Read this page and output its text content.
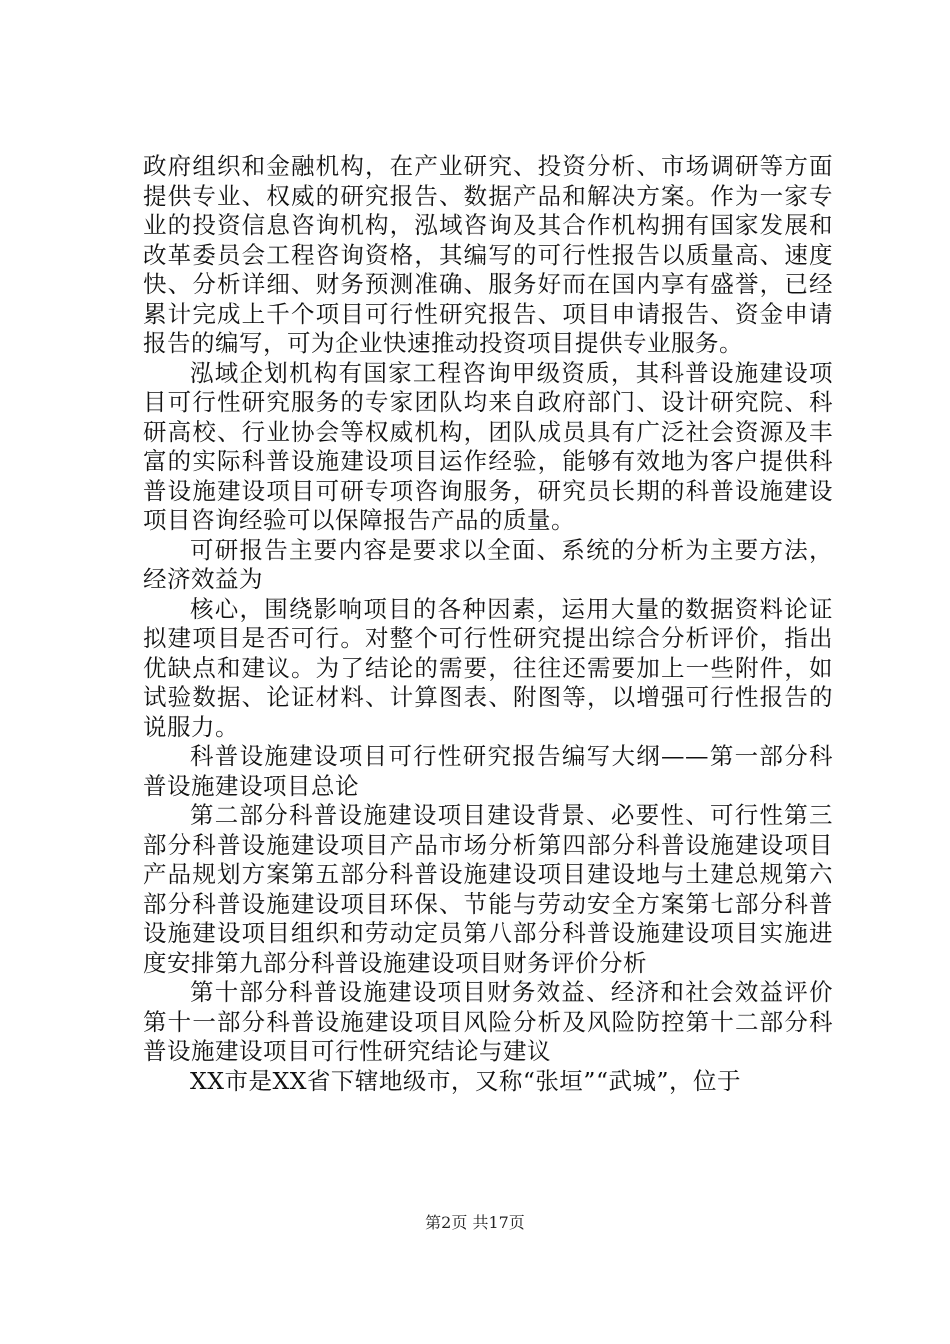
政府组织和金融机构，在产业研究、投资分析、市场调研等方面提供专业、权威的研究报告、数据产品和解决方案。作为一家专业的投资信息咨询机构，泓域咨询及其合作机构拥有国家发展和改革委员会工程咨询资格，其编写的可行性报告以质量高、速度快、分析详细、财务预测准确、服务好而在国内享有盛誉，已经累计完成上千个项目可行性研究报告、项目申请报告、资金申请报告的编写，可为企业快速推动投资项目提供专业服务。

泓域企划机构有国家工程咨询甲级资质，其科普设施建设项目可行性研究服务的专家团队均来自政府部门、设计研究院、科研高校、行业协会等权威机构，团队成员具有广泛社会资源及丰富的实际科普设施建设项目运作经验，能够有效地为客户提供科普设施建设项目可研专项咨询服务，研究员长期的科普设施建设项目咨询经验可以保障报告产品的质量。

可研报告主要内容是要求以全面、系统的分析为主要方法，经济效益为

核心，围绕影响项目的各种因素，运用大量的数据资料论证拟建项目是否可行。对整个可行性研究提出综合分析评价，指出优缺点和建议。为了结论的需要，往往还需要加上一些附件，如试验数据、论证材料、计算图表、附图等，以增强可行性报告的说服力。

科普设施建设项目可行性研究报告编写大纲——第一部分科普设施建设项目总论

第二部分科普设施建设项目建设背景、必要性、可行性第三部分科普设施建设项目产品市场分析第四部分科普设施建设项目产品规划方案第五部分科普设施建设项目建设地与土建总规第六部分科普设施建设项目环保、节能与劳动安全方案第七部分科普设施建设项目组织和劳动定员第八部分科普设施建设项目实施进度安排第九部分科普设施建设项目财务评价分析

第十部分科普设施建设项目财务效益、经济和社会效益评价第十一部分科普设施建设项目风险分析及风险防控第十二部分科普设施建设项目可行性研究结论与建议

XX市是XX省下辖地级市，又称“张垣”“武城”，位于

第2页 共17页
